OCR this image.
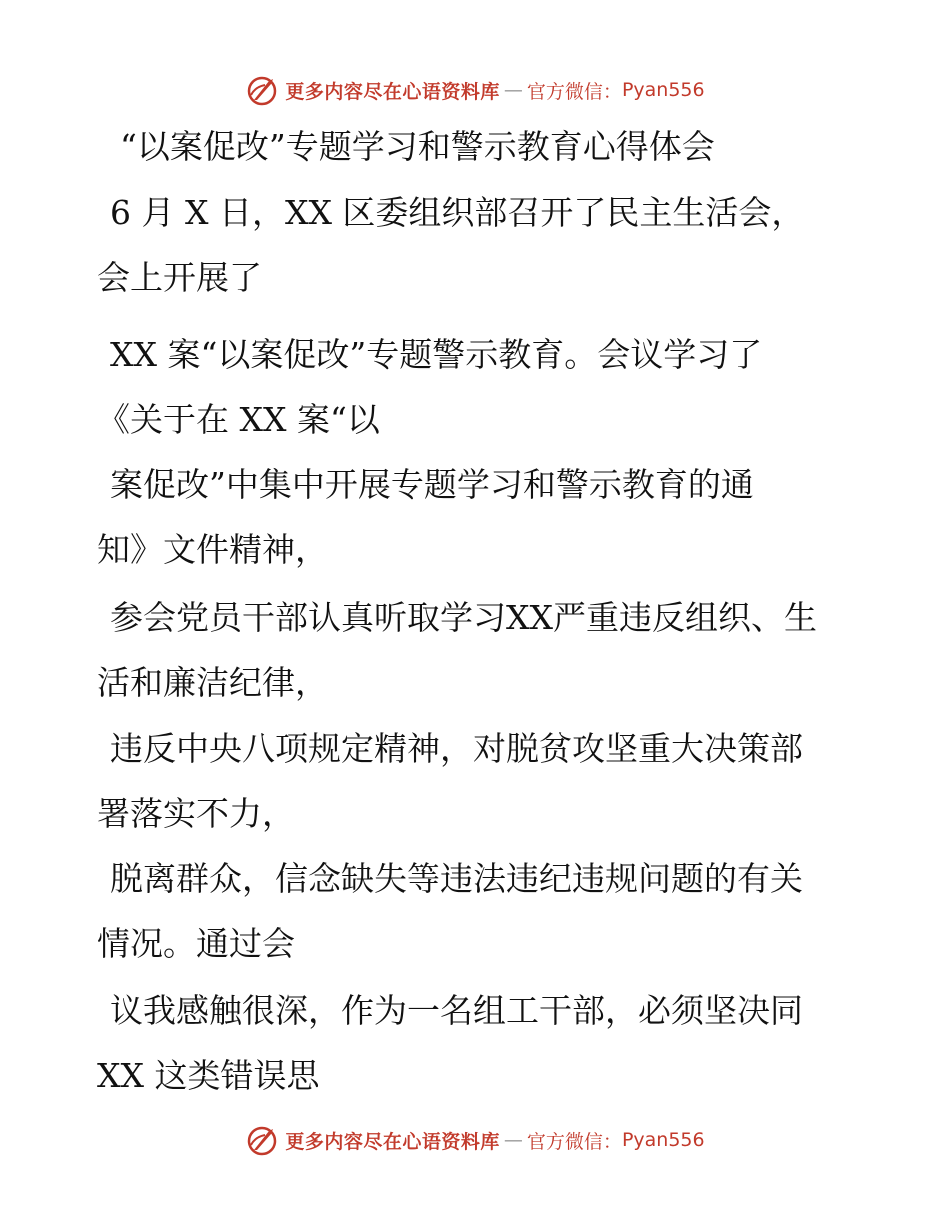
更多内容尽在心语资料库 — 官方微信： Pyan556
“以案促改”专题学习和警示教育心得体会
6 月 X 日，XX 区委组织部召开了民主生活会，
会上开展了
XX 案“以案促改”专题警示教育。会议学习了
《关于在 XX 案“以
案促改”中集中开展专题学习和警示教育的通
知》文件精神，
参会党员干部认真听取学习XX严重违反组织、生
活和廉洁纪律，
违反中央八项规定精神，对脱贫攻坚重大决策部
署落实不力，
脱离群众，信念缺失等违法违纪违规问题的有关
情况。通过会
议我感触很深，作为一名组工干部，必须坚决同
XX 这类错误思
更多内容尽在心语资料库 — 官方微信： Pyan556
